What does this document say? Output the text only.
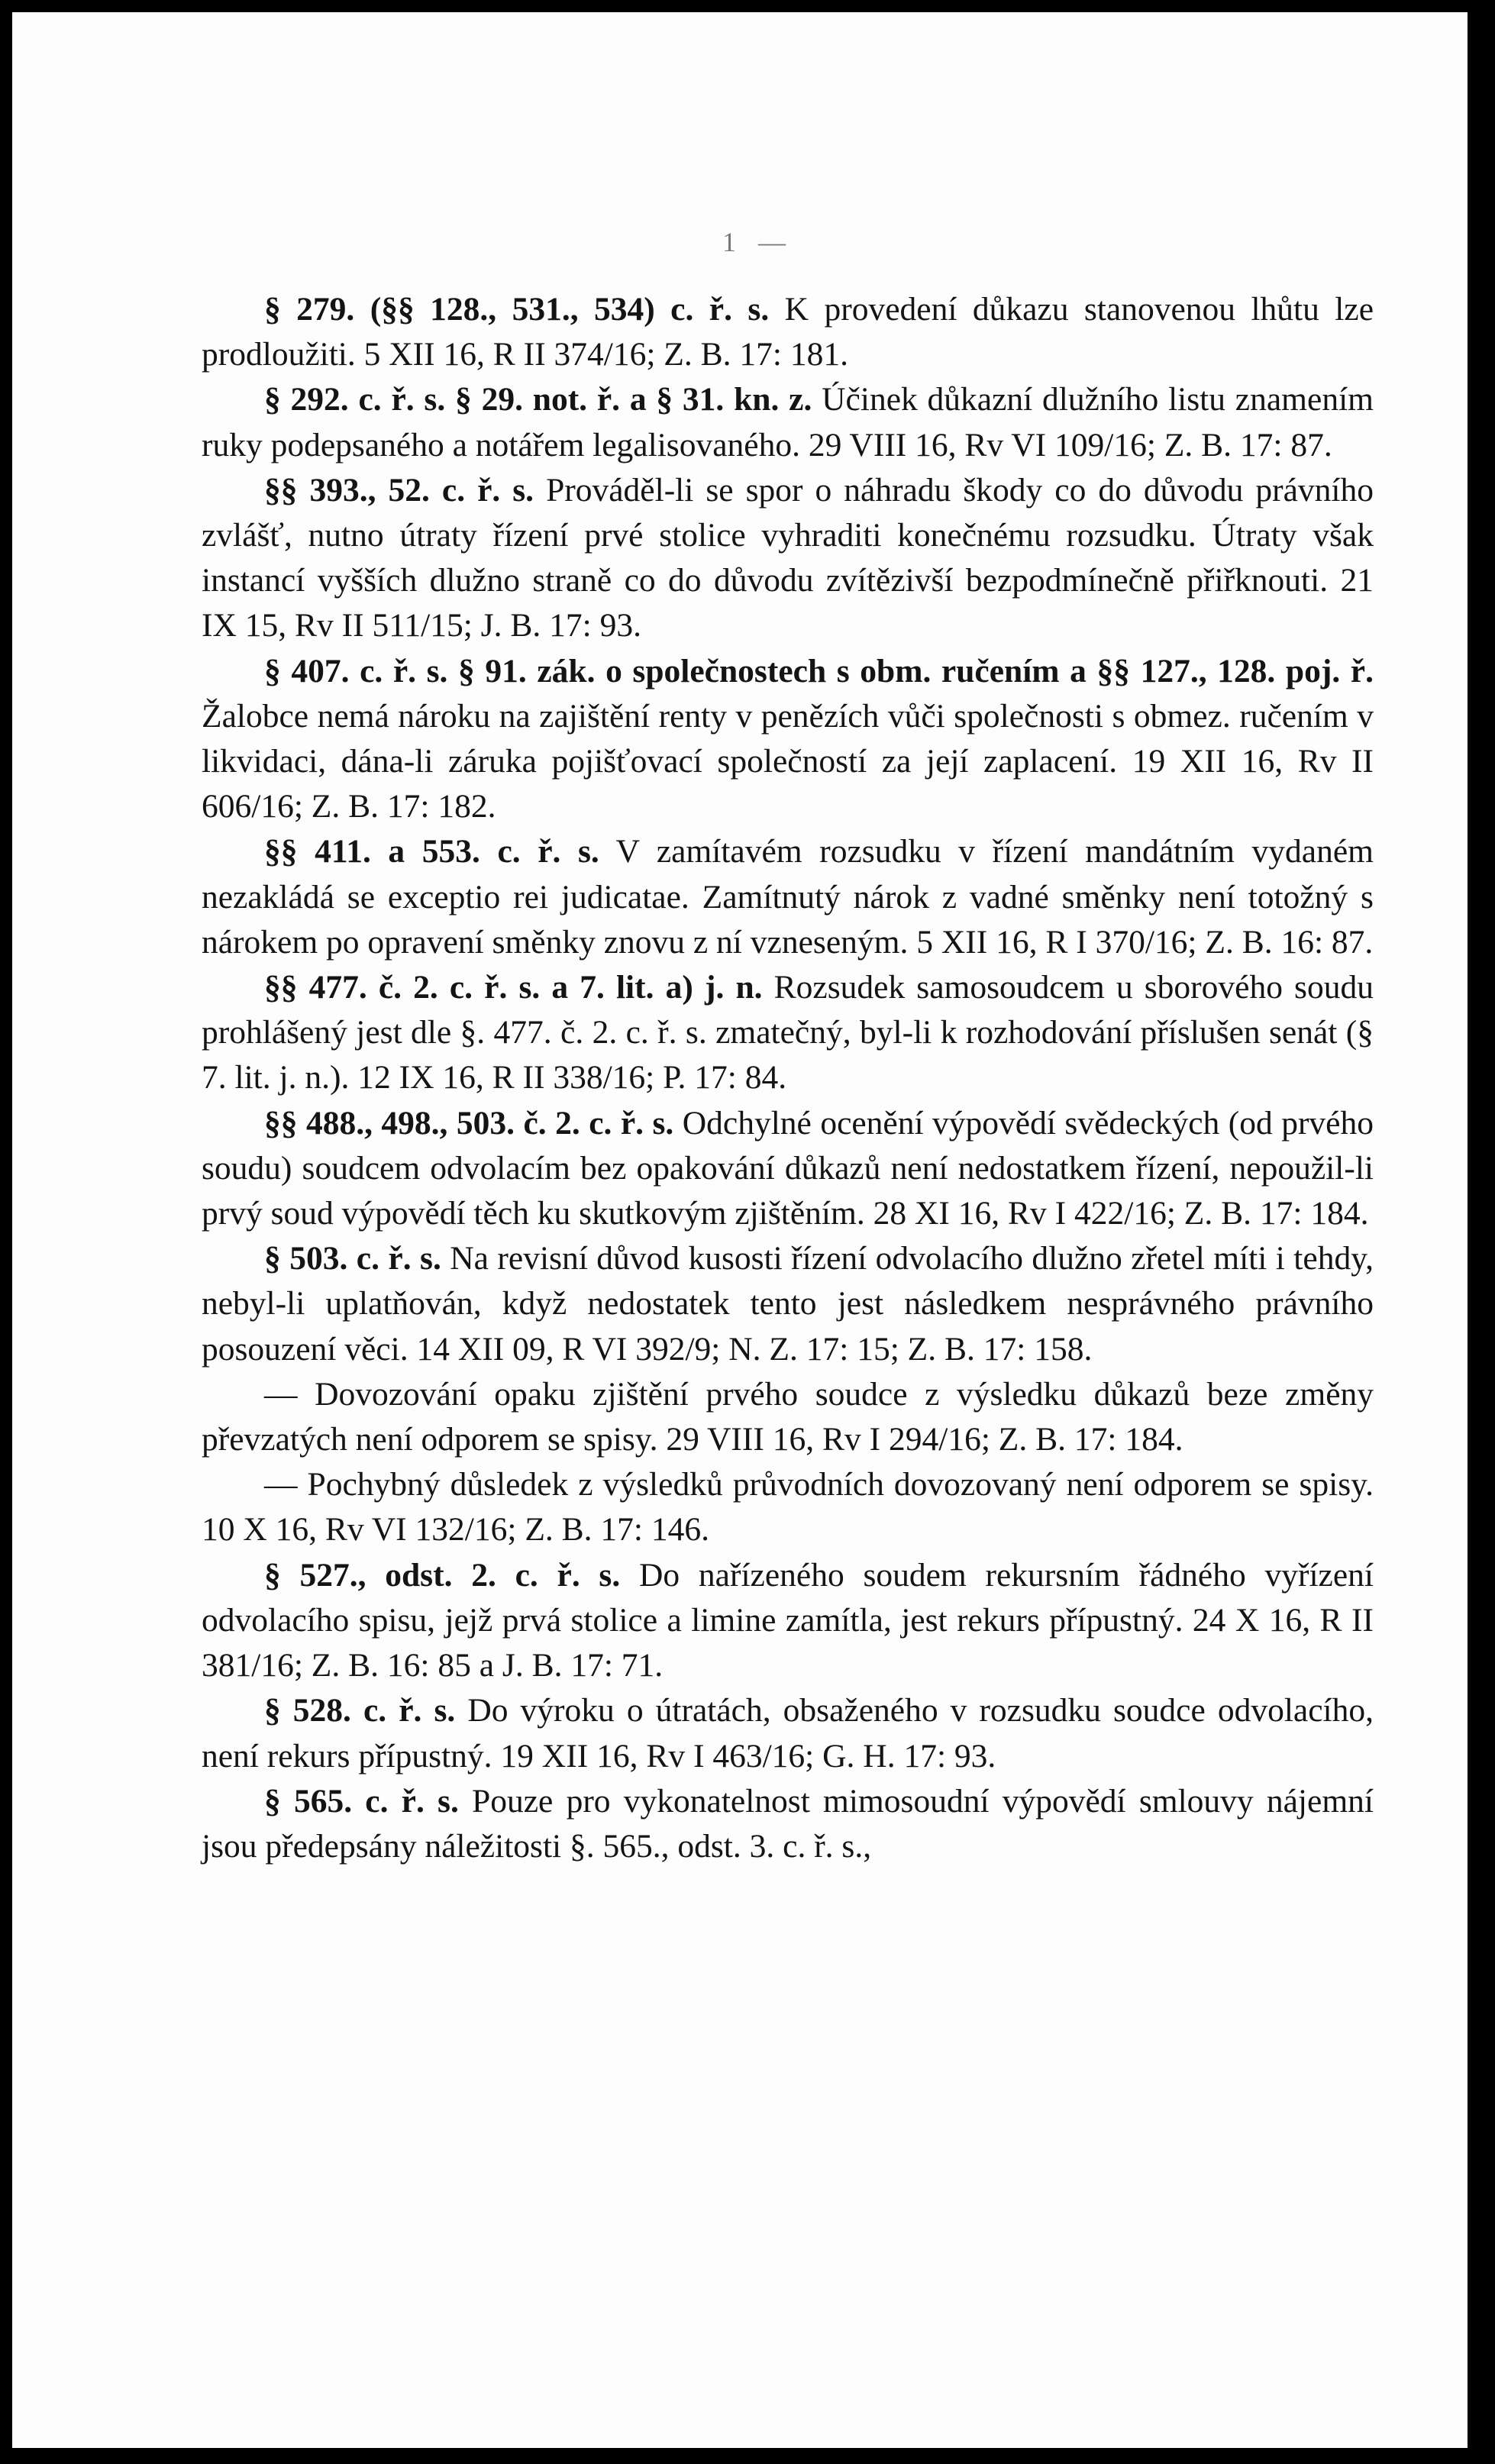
1 —

§ 279. (§§ 128., 531., 534) c. ř. s. K provedení důkazu stanovenou lhůtu lze prodloužiti. 5 XII 16, R II 374/16; Z. B. 17: 181.

§ 292. c. ř. s. § 29. not. ř. a § 31. kn. z. Účinek důkazní dlužního listu znamením ruky podepsaného a notářem legalisovaného. 29 VIII 16, Rv VI 109/16; Z. B. 17: 87.

§§ 393., 52. c. ř. s. Prováděl-li se spor o náhradu škody co do důvodu právního zvlášť, nutno útraty řízení prvé stolice vyhraditi konečnému rozsudku. Útraty však instancí vyšších dlužno straně co do důvodu zvítězivší bezpodmínečně přiřknouti. 21 IX 15, Rv II 511/15; J. B. 17: 93.

§ 407. c. ř. s. § 91. zák. o společnostech s obm. ručením a §§ 127., 128. poj. ř. Žalobce nemá nároku na zajištění renty v penězích vůči společnosti s obmez. ručením v likvidaci, dána-li záruka pojišťovací společností za její zaplacení. 19 XII 16, Rv II 606/16; Z. B. 17: 182.

§§ 411. a 553. c. ř. s. V zamítavém rozsudku v řízení mandátním vydaném nezakládá se exceptio rei judicatae. Zamítnutý nárok z vadné směnky není totožný s nárokem po opravení směnky znovu z ní vzneseným. 5 XII 16, R I 370/16; Z. B. 16: 87.

§§ 477. č. 2. c. ř. s. a 7. lit. a) j. n. Rozsudek samosoudcem u sborového soudu prohlášený jest dle §. 477. č. 2. c. ř. s. zmatečný, byl-li k rozhodování příslušen senát (§ 7. lit. j. n.). 12 IX 16, R II 338/16; P. 17: 84.

§§ 488., 498., 503. č. 2. c. ř. s. Odchylné ocenění výpovědí svědeckých (od prvého soudu) soudcem odvolacím bez opakování důkazů není nedostatkem řízení, nepoužil-li prvý soud výpovědí těch ku skutkovým zjištěním. 28 XI 16, Rv I 422/16; Z. B. 17: 184.

§ 503. c. ř. s. Na revisní důvod kusosti řízení odvolacího dlužno zřetel míti i tehdy, nebyl-li uplatňován, když nedostatek tento jest následkem nesprávného právního posouzení věci. 14 XII 09, R VI 392/9; N. Z. 17: 15; Z. B. 17: 158.

— Dovozování opaku zjištění prvého soudce z výsledku důkazů beze změny převzatých není odporem se spisy. 29 VIII 16, Rv I 294/16; Z. B. 17: 184.

— Pochybný důsledek z výsledků průvodních dovozovaný není odporem se spisy. 10 X 16, Rv VI 132/16; Z. B. 17: 146.

§ 527., odst. 2. c. ř. s. Do nařízeného soudem rekursním řádného vyřízení odvolacího spisu, jejž prvá stolice a limine zamítla, jest rekurs přípustný. 24 X 16, R II 381/16; Z. B. 16: 85 a J. B. 17: 71.

§ 528. c. ř. s. Do výroku o útratách, obsaženého v rozsudku soudce odvolacího, není rekurs přípustný. 19 XII 16, Rv I 463/16; G. H. 17: 93.

§ 565. c. ř. s. Pouze pro vykonatelnost mimosoudní výpovědí smlouvy nájemní jsou předepsány náležitosti §. 565., odst. 3. c. ř. s.,
